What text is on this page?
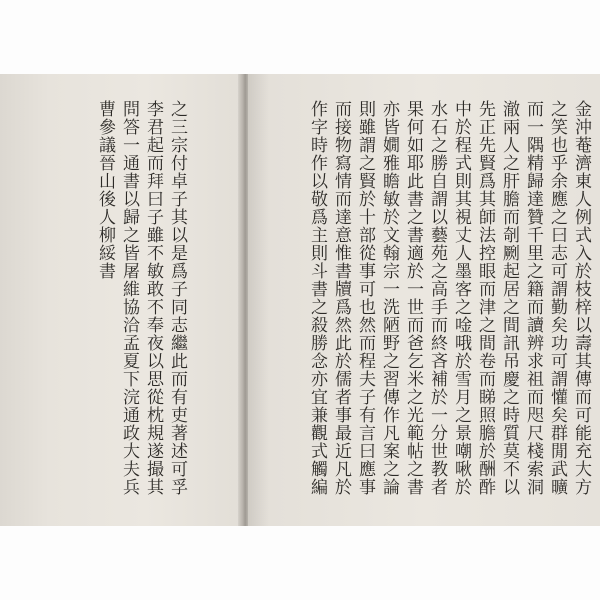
之三宗付卓子其以是爲子同志繼此而有吏著述可孚
李君起而拜曰子雖不敏敢不奉夜以思從枕規遂撮其
問答一通書以歸之皆屠維協洽孟夏下浣通政大夫兵
曹參議晉山後人柳綏書	金沖菴濟東人例式入於枝梓以壽其傳而可能充大方
之笑也乎余應之曰志可謂勤矣功可謂懽矣群閒武曠
而一隅精歸達贊千里之籍而讀辨求祖而咫尺棧索洞
澈兩人之肝膽而剞劂起居之間訊吊慶之時質莫不以
先正先賢爲其師法控眼而津之間卷而睇照膽於酬酢
中於程式則其視丈人墨客之唫哦於雪月之景嘲啾於
水石之勝自謂以藝苑之高手而終吝補於一分世教者
果何如耶此書之書適於一世而爸乞米之光範帖之書
亦皆嫺雅瞻敏於文翰宗一洗陋野之習傳作凡案之論
則雖謂之賢於十部從事可也然而程夫子有言曰應事
而接物寫情而達意惟書牘爲然此於儒者事最近凡於
作字時作以敬爲主則斗書之殺勝念亦宜兼觀式觸編
